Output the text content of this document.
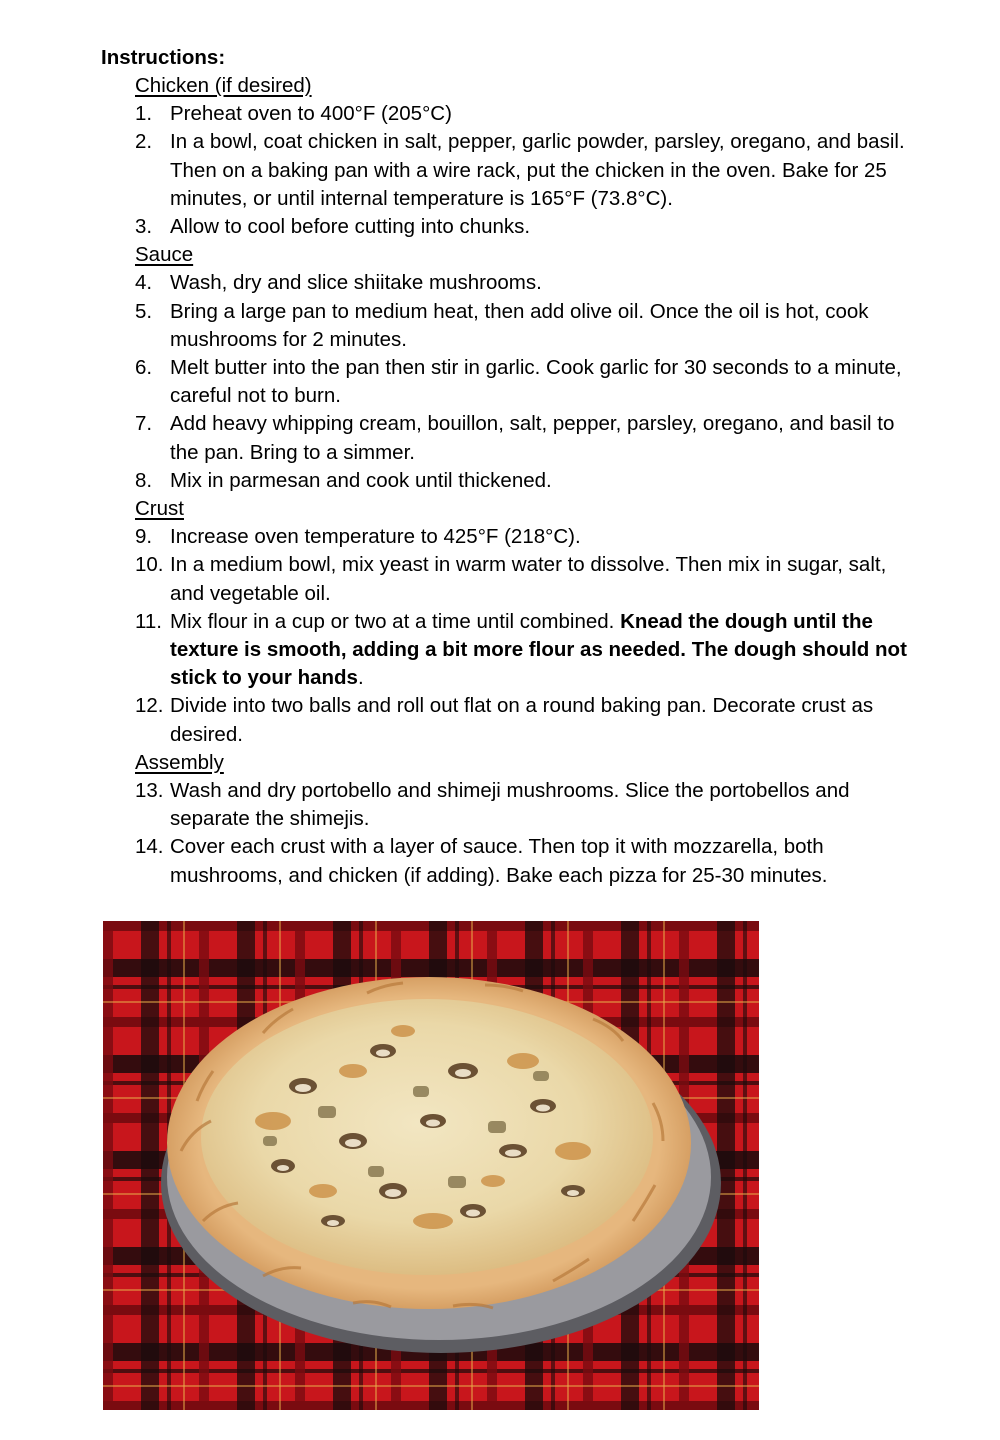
Instructions:
Chicken (if desired)
1. Preheat oven to 400°F (205°C)
2. In a bowl, coat chicken in salt, pepper, garlic powder, parsley, oregano, and basil. Then on a baking pan with a wire rack, put the chicken in the oven. Bake for 25 minutes, or until internal temperature is 165°F (73.8°C).
3. Allow to cool before cutting into chunks.
Sauce
4. Wash, dry and slice shiitake mushrooms.
5. Bring a large pan to medium heat, then add olive oil. Once the oil is hot, cook mushrooms for 2 minutes.
6. Melt butter into the pan then stir in garlic. Cook garlic for 30 seconds to a minute, careful not to burn.
7. Add heavy whipping cream, bouillon, salt, pepper, parsley, oregano, and basil to the pan. Bring to a simmer.
8. Mix in parmesan and cook until thickened.
Crust
9. Increase oven temperature to 425°F (218°C).
10. In a medium bowl, mix yeast in warm water to dissolve. Then mix in sugar, salt, and vegetable oil.
11. Mix flour in a cup or two at a time until combined. Knead the dough until the texture is smooth, adding a bit more flour as needed. The dough should not stick to your hands.
12. Divide into two balls and roll out flat on a round baking pan. Decorate crust as desired.
Assembly
13. Wash and dry portobello and shimeji mushrooms. Slice the portobellos and separate the shimejis.
14. Cover each crust with a layer of sauce. Then top it with mozzarella, both mushrooms, and chicken (if adding). Bake each pizza for 25-30 minutes.
